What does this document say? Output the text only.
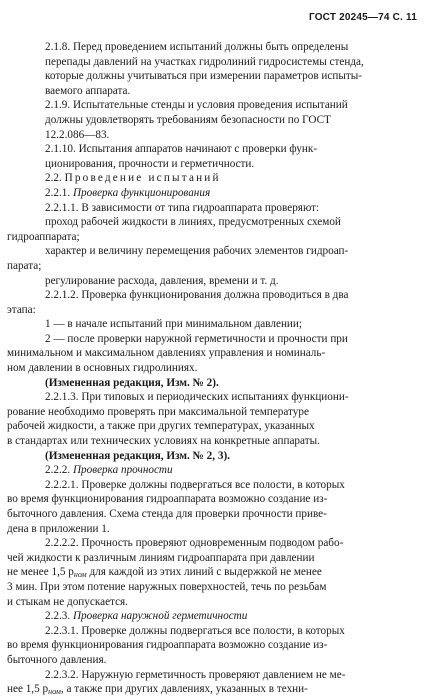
ГОСТ 20245—74 С. 11

2.1.8. Перед проведением испытаний должны быть определены
перепады давлений на участках гидролиний гидросистемы стенда,
которые должны учитываться при измерении параметров испыты-
ваемого аппарата.

2.1.9. Испытательные стенды и условия проведения испытаний
должны удовлетворять требованиям безопасности по ГОСТ
12.2.086—83.

2.1.10. Испытания аппаратов начинают с проверки функ-
ционирования, прочности и герметичности.

2.2. Проведение испытаний

2.2.1. Проверка функционирования

2.2.1.1. В зависимости от типа гидроаппарата проверяют:

проход рабочей жидкости в линиях, предусмотренных схемой
гидроаппарата;

характер и величину перемещения рабочих элементов гидроап-
парата;

регулирование расхода, давления, времени и т. д.

2.2.1.2. Проверка функционирования должна проводиться в два
этапа:

1 — в начале испытаний при минимальном давлении;

2 — после проверки наружной герметичности и прочности при
минимальном и максимальном давлениях управления и номиналь-
ном давлении в основных гидролиниях.

(Измененная редакция, Изм. № 2).

2.2.1.3. При типовых и периодических испытаниях функциони-
рование необходимо проверять при максимальной температуре
рабочей жидкости, а также при других температурах, указанных
в стандартах или технических условиях на конкретные аппараты.

(Измененная редакция, Изм. № 2, 3).

2.2.2. Проверка прочности

2.2.2.1. Проверке должны подвергаться все полости, в которых
во время функционирования гидроаппарата возможно создание из-
быточного давления. Схема стенда для проверки прочности приве-
дена в приложении 1.

2.2.2.2. Прочность проверяют одновременным подводом рабо-
чей жидкости к различным линиям гидроаппарата при давлении
не менее 1,5 $p_{ном}$ для каждой из этих линий с выдержкой не менее
3 мин. При этом потение наружных поверхностей, течь по резьбам
и стыкам не допускается.

2.2.3. Проверка наружной герметичности

2.2.3.1. Проверке должны подвергаться все полости, в которых
во время функционирования гидроаппарата возможно создание из-
быточного давления.

2.2.3.2. Наружную герметичность проверяют давлением не ме-
нее 1,5 $p_{ном}$, а также при других давлениях, указанных в техни-
